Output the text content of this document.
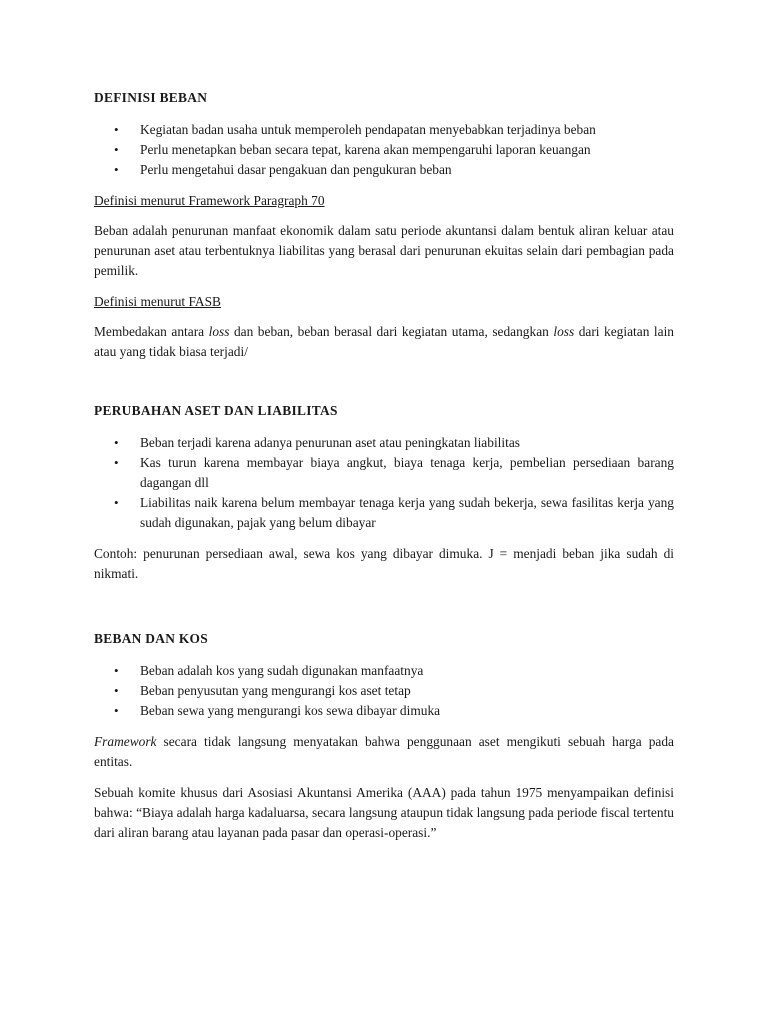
DEFINISI BEBAN
• Kegiatan badan usaha untuk memperoleh pendapatan menyebabkan terjadinya beban
• Perlu menetapkan beban secara tepat, karena akan mempengaruhi laporan keuangan
• Perlu mengetahui dasar pengakuan dan pengukuran beban
Definisi menurut Framework Paragraph 70

Beban adalah penurunan manfaat ekonomik dalam satu periode akuntansi dalam bentuk aliran keluar atau penurunan aset atau terbentuknya liabilitas yang berasal dari penurunan ekuitas selain dari pembagian pada pemilik.

Definisi menurut FASB

Membedakan antara loss dan beban, beban berasal dari kegiatan utama, sedangkan loss dari kegiatan lain atau yang tidak biasa terjadi/

PERUBAHAN ASET DAN LIABILITAS
• Beban terjadi karena adanya penurunan aset atau peningkatan liabilitas
• Kas turun karena membayar biaya angkut, biaya tenaga kerja, pembelian persediaan barang dagangan dll
• Liabilitas naik karena belum membayar tenaga kerja yang sudah bekerja, sewa fasilitas kerja yang sudah digunakan, pajak yang belum dibayar

Contoh: penurunan persediaan awal, sewa kos yang dibayar dimuka. J = menjadi beban jika sudah di nikmati.

BEBAN DAN KOS
• Beban adalah kos yang sudah digunakan manfaatnya
• Beban penyusutan yang mengurangi kos aset tetap
• Beban sewa yang mengurangi kos sewa dibayar dimuka

Framework secara tidak langsung menyatakan bahwa penggunaan aset mengikuti sebuah harga pada entitas.

Sebuah komite khusus dari Asosiasi Akuntansi Amerika (AAA) pada tahun 1975 menyampaikan definisi bahwa: “Biaya adalah harga kadaluarsa, secara langsung ataupun tidak langsung pada periode fiscal tertentu dari aliran barang atau layanan pada pasar dan operasi-operasi.”
